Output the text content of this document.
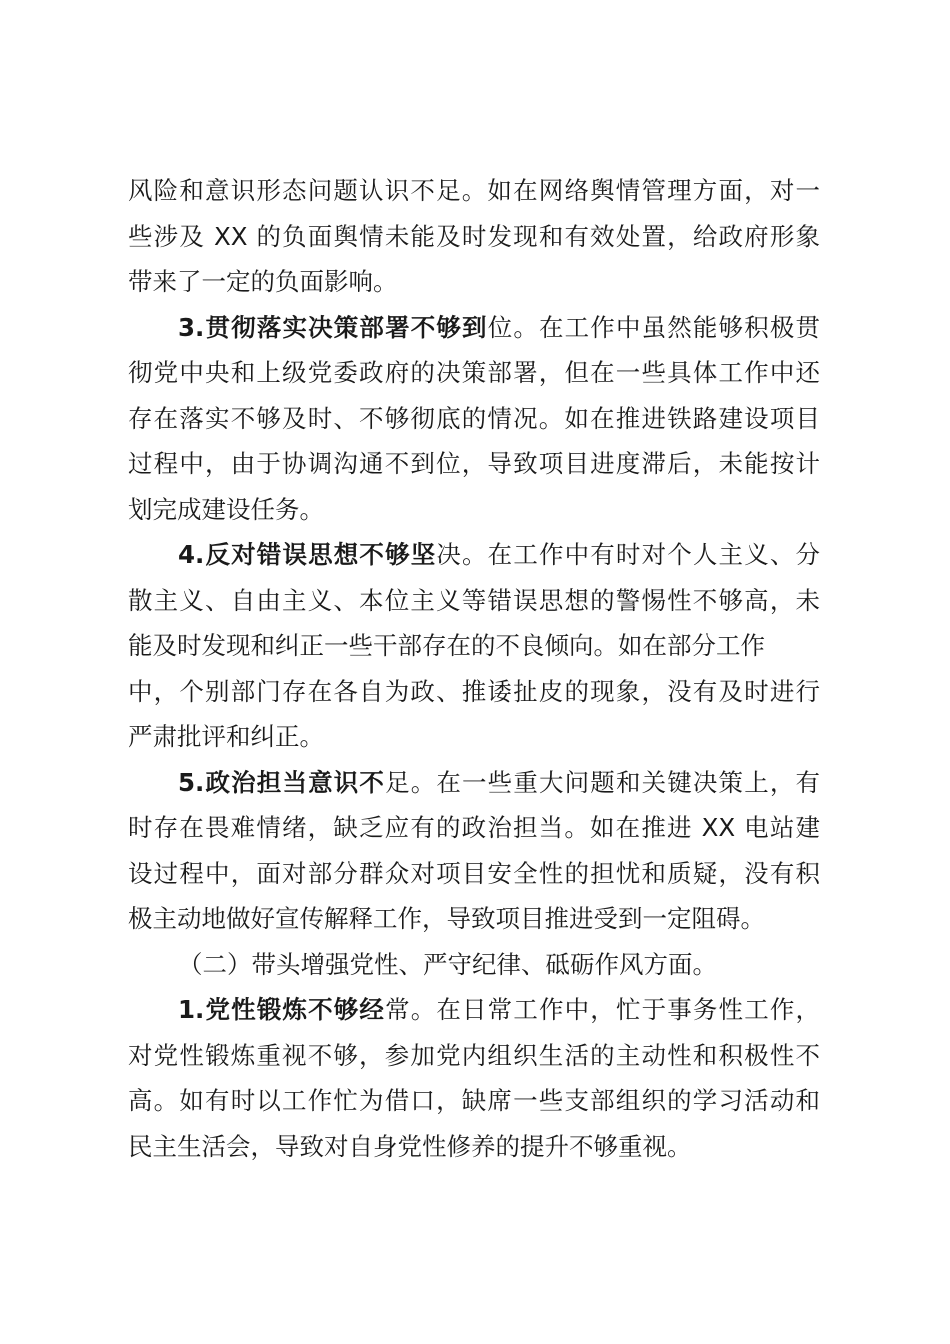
风险和意识形态问题认识不足。如在网络舆情管理方面，对一
些涉及 XX 的负面舆情未能及时发现和有效处置，给政府形象
带来了一定的负面影响。
3.贯彻落实决策部署不够到位。在工作中虽然能够积极贯
彻党中央和上级党委政府的决策部署，但在一些具体工作中还
存在落实不够及时、不够彻底的情况。如在推进铁路建设项目
过程中，由于协调沟通不到位，导致项目进度滞后，未能按计
划完成建设任务。
4.反对错误思想不够坚决。在工作中有时对个人主义、分
散主义、自由主义、本位主义等错误思想的警惕性不够高，未
能及时发现和纠正一些干部存在的不良倾向。如在部分工作
中，个别部门存在各自为政、推诿扯皮的现象，没有及时进行
严肃批评和纠正。
5.政治担当意识不足。在一些重大问题和关键决策上，有
时存在畏难情绪，缺乏应有的政治担当。如在推进 XX 电站建
设过程中，面对部分群众对项目安全性的担忧和质疑，没有积
极主动地做好宣传解释工作，导致项目推进受到一定阻碍。
（二）带头增强党性、严守纪律、砥砺作风方面。
1.党性锻炼不够经常。在日常工作中，忙于事务性工作，
对党性锻炼重视不够，参加党内组织生活的主动性和积极性不
高。如有时以工作忙为借口，缺席一些支部组织的学习活动和
民主生活会，导致对自身党性修养的提升不够重视。
